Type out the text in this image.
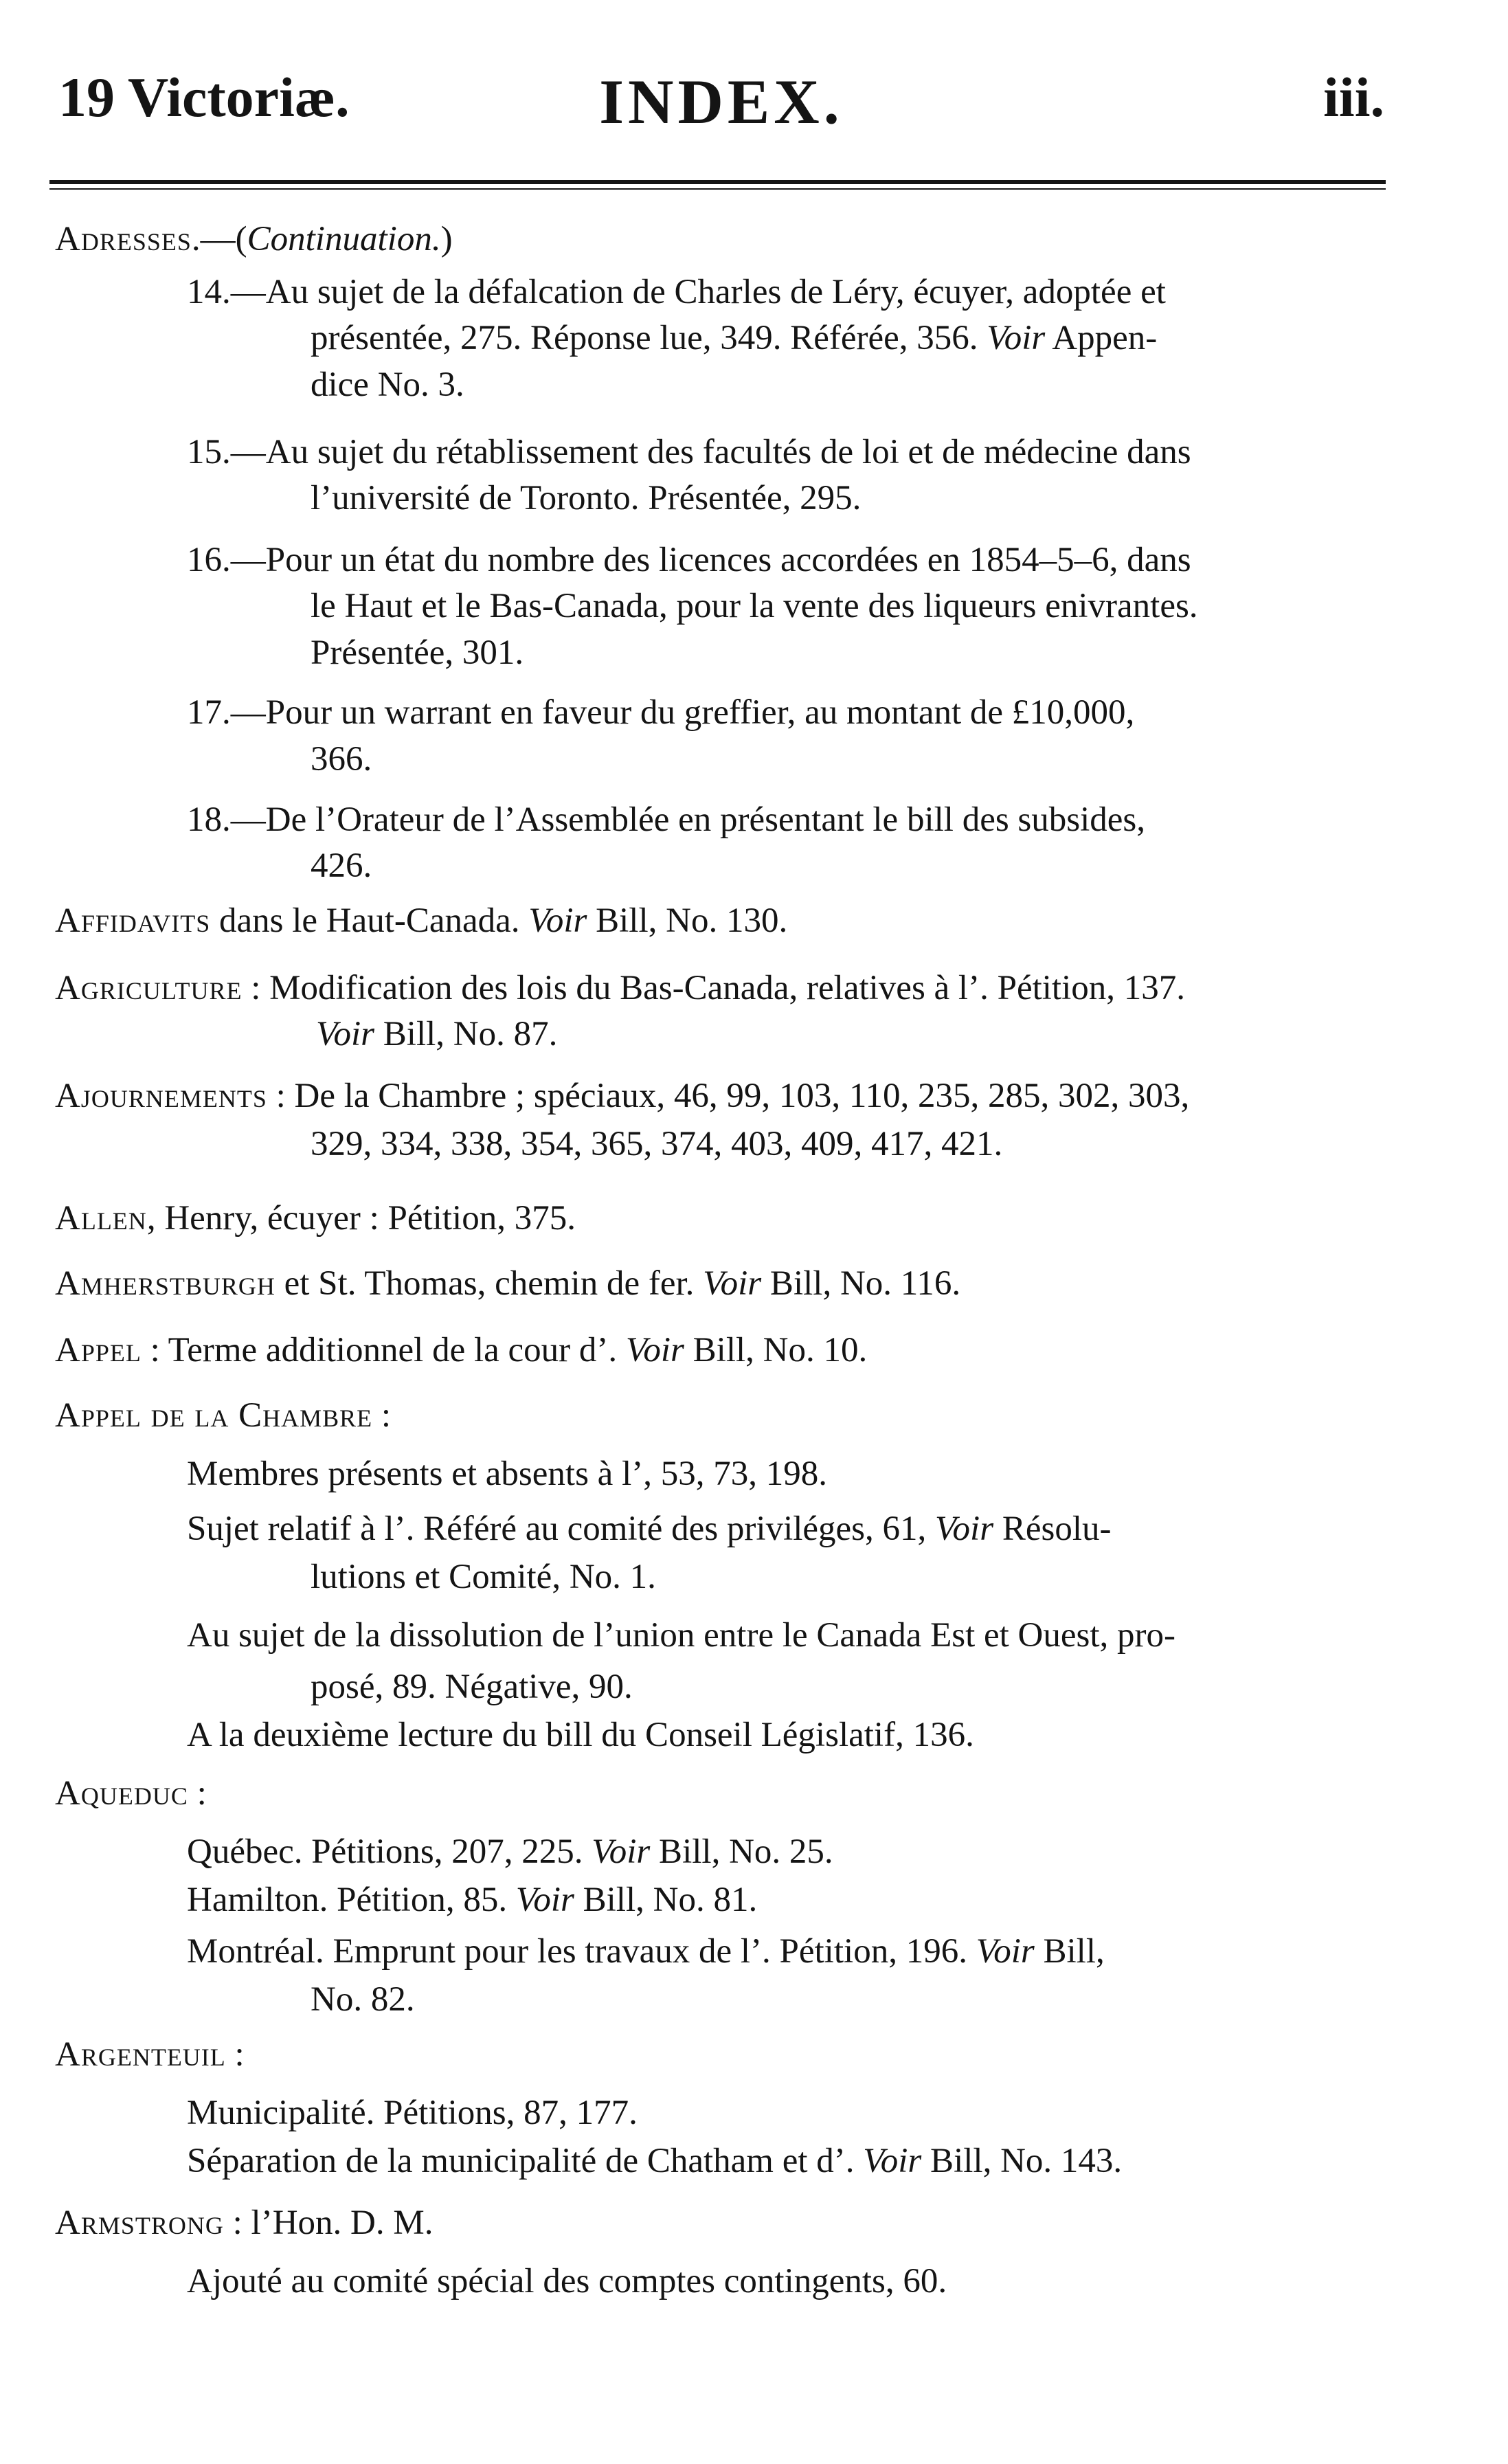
INDEX.
19 Victoriæ.	iii.
Adresses.—(Continuation.)
14.—Au sujet de la défalcation de Charles de Léry, écuyer, adoptée et
présentée, 275. Réponse lue, 349. Référée, 356. Voir Appen-
dice No. 3.
15.—Au sujet du rétablissement des facultés de loi et de médecine dans
l’université de Toronto. Présentée, 295.
16.—Pour un état du nombre des licences accordées en 1854–5–6, dans
le Haut et le Bas-Canada, pour la vente des liqueurs enivrantes.
Présentée, 301.
17.—Pour un warrant en faveur du greffier, au montant de £10,000,
366.
18.—De l’Orateur de l’Assemblée en présentant le bill des subsides,
426.
Affidavits dans le Haut-Canada. Voir Bill, No. 130.
Agriculture : Modification des lois du Bas-Canada, relatives à l’. Pétition, 137.
Voir Bill, No. 87.
Ajournements : De la Chambre ; spéciaux, 46, 99, 103, 110, 235, 285, 302, 303,
329, 334, 338, 354, 365, 374, 403, 409, 417, 421.
Allen, Henry, écuyer : Pétition, 375.
Amherstburgh et St. Thomas, chemin de fer. Voir Bill, No. 116.
Appel : Terme additionnel de la cour d’. Voir Bill, No. 10.
Appel de la Chambre :
Membres présents et absents à l’, 53, 73, 198.
Sujet relatif à l’. Référé au comité des priviléges, 61, Voir Résolu-
lutions et Comité, No. 1.
Au sujet de la dissolution de l’union entre le Canada Est et Ouest, pro-
posé, 89. Négative, 90.
A la deuxième lecture du bill du Conseil Législatif, 136.
Aqueduc :
Québec. Pétitions, 207, 225. Voir Bill, No. 25.
Hamilton. Pétition, 85. Voir Bill, No. 81.
Montréal. Emprunt pour les travaux de l’. Pétition, 196. Voir Bill,
No. 82.
Argenteuil :
Municipalité. Pétitions, 87, 177.
Séparation de la municipalité de Chatham et d’. Voir Bill, No. 143.
Armstrong : l’Hon. D. M.
Ajouté au comité spécial des comptes contingents, 60.
